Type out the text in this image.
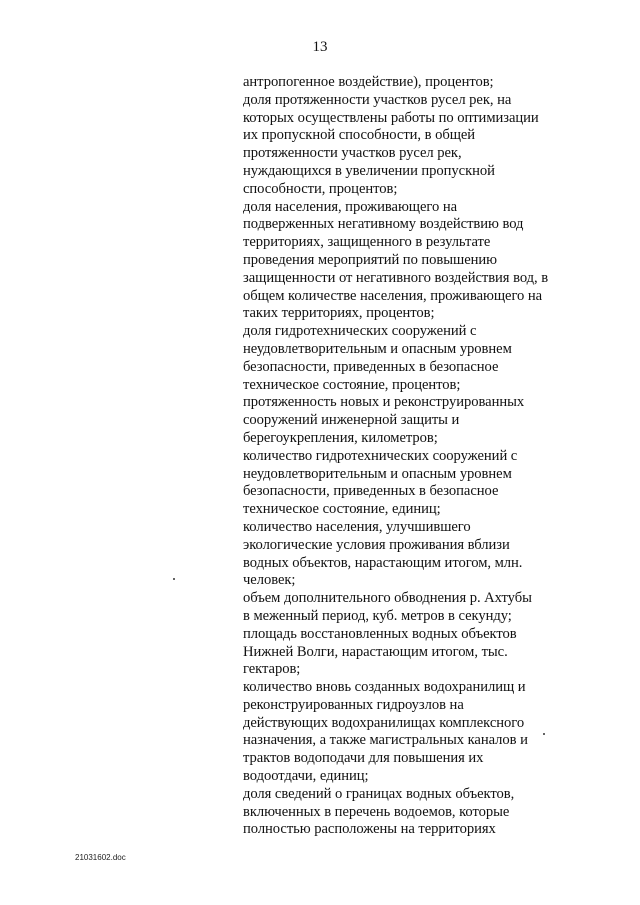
13
антропогенное воздействие), процентов;
доля протяженности участков русел рек, на
которых осуществлены работы по оптимизации
их пропускной способности, в общей
протяженности участков русел рек,
нуждающихся в увеличении пропускной
способности, процентов;
доля населения, проживающего на
подверженных негативному воздействию вод
территориях, защищенного в результате
проведения мероприятий по повышению
защищенности от негативного воздействия вод, в
общем количестве населения, проживающего на
таких территориях, процентов;
доля гидротехнических сооружений с
неудовлетворительным и опасным уровнем
безопасности, приведенных в безопасное
техническое состояние, процентов;
протяженность новых и реконструированных
сооружений инженерной защиты и
берегоукрепления, километров;
количество гидротехнических сооружений с
неудовлетворительным и опасным уровнем
безопасности, приведенных в безопасное
техническое состояние, единиц;
количество населения, улучшившего
экологические условия проживания вблизи
водных объектов, нарастающим итогом, млн.
человек;
объем дополнительного обводнения р. Ахтубы
в меженный период, куб. метров в секунду;
площадь восстановленных водных объектов
Нижней Волги, нарастающим итогом, тыс.
гектаров;
количество вновь созданных водохранилищ и
реконструированных гидроузлов на
действующих водохранилищах комплексного
назначения, а также магистральных каналов и
трактов водоподачи для повышения их
водоотдачи, единиц;
доля сведений о границах водных объектов,
включенных в перечень водоемов, которые
полностью расположены на территориях
21031602.doc
